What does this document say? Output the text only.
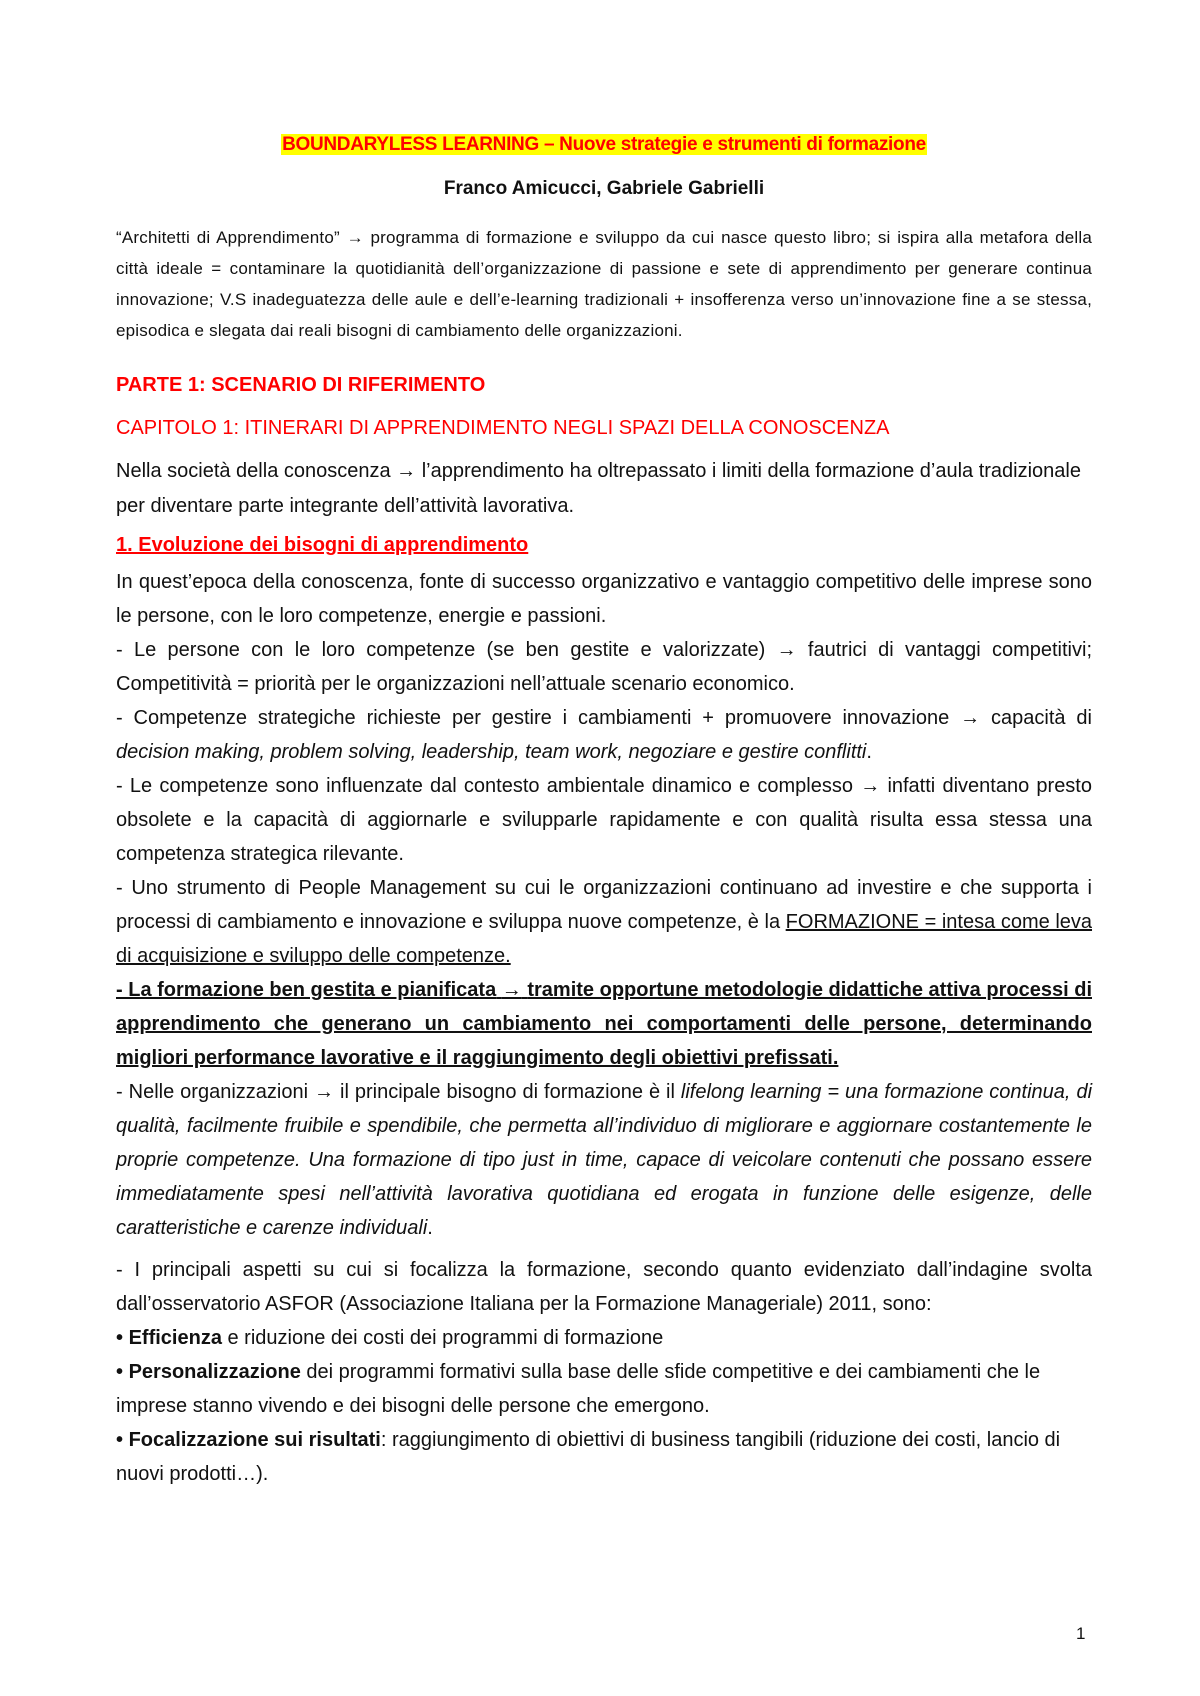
BOUNDARYLESS LEARNING – Nuove strategie e strumenti di formazione

Franco Amicucci, Gabriele Gabrielli

“Architetti di Apprendimento” → programma di formazione e sviluppo da cui nasce questo libro; si ispira alla metafora della città ideale = contaminare la quotidianità dell’organizzazione di passione e sete di apprendimento per generare continua innovazione; V.S inadeguatezza delle aule e dell’e-learning tradizionali + insofferenza verso un’innovazione fine a se stessa, episodica e slegata dai reali bisogni di cambiamento delle organizzazioni.

PARTE 1: SCENARIO DI RIFERIMENTO

CAPITOLO 1: ITINERARI DI APPRENDIMENTO NEGLI SPAZI DELLA CONOSCENZA

Nella società della conoscenza → l’apprendimento ha oltrepassato i limiti della formazione d’aula tradizionale per diventare parte integrante dell’attività lavorativa.

1. Evoluzione dei bisogni di apprendimento

In quest’epoca della conoscenza, fonte di successo organizzativo e vantaggio competitivo delle imprese sono le persone, con le loro competenze, energie e passioni.

- Le persone con le loro competenze (se ben gestite e valorizzate) → fautrici di vantaggi competitivi; Competitività = priorità per le organizzazioni nell’attuale scenario economico.

- Competenze strategiche richieste per gestire i cambiamenti + promuovere innovazione → capacità di decision making, problem solving, leadership, team work, negoziare e gestire conflitti.

- Le competenze sono influenzate dal contesto ambientale dinamico e complesso → infatti diventano presto obsolete e la capacità di aggiornarle e svilupparle rapidamente e con qualità risulta essa stessa una competenza strategica rilevante.

- Uno strumento di People Management su cui le organizzazioni continuano ad investire e che supporta i processi di cambiamento e innovazione e sviluppa nuove competenze, è la FORMAZIONE = intesa come leva di acquisizione e sviluppo delle competenze.

- La formazione ben gestita e pianificata → tramite opportune metodologie didattiche attiva processi di apprendimento che generano un cambiamento nei comportamenti delle persone, determinando migliori performance lavorative e il raggiungimento degli obiettivi prefissati.

- Nelle organizzazioni → il principale bisogno di formazione è il lifelong learning = una formazione continua, di qualità, facilmente fruibile e spendibile, che permetta all’individuo di migliorare e aggiornare costantemente le proprie competenze. Una formazione di tipo just in time, capace di veicolare contenuti che possano essere immediatamente spesi nell’attività lavorativa quotidiana ed erogata in funzione delle esigenze, delle caratteristiche e carenze individuali.

- I principali aspetti su cui si focalizza la formazione, secondo quanto evidenziato dall’indagine svolta dall’osservatorio ASFOR (Associazione Italiana per la Formazione Manageriale) 2011, sono:

• Efficienza e riduzione dei costi dei programmi di formazione

• Personalizzazione dei programmi formativi sulla base delle sfide competitive e dei cambiamenti che le imprese stanno vivendo e dei bisogni delle persone che emergono.

• Focalizzazione sui risultati: raggiungimento di obiettivi di business tangibili (riduzione dei costi, lancio di nuovi prodotti…).

1
